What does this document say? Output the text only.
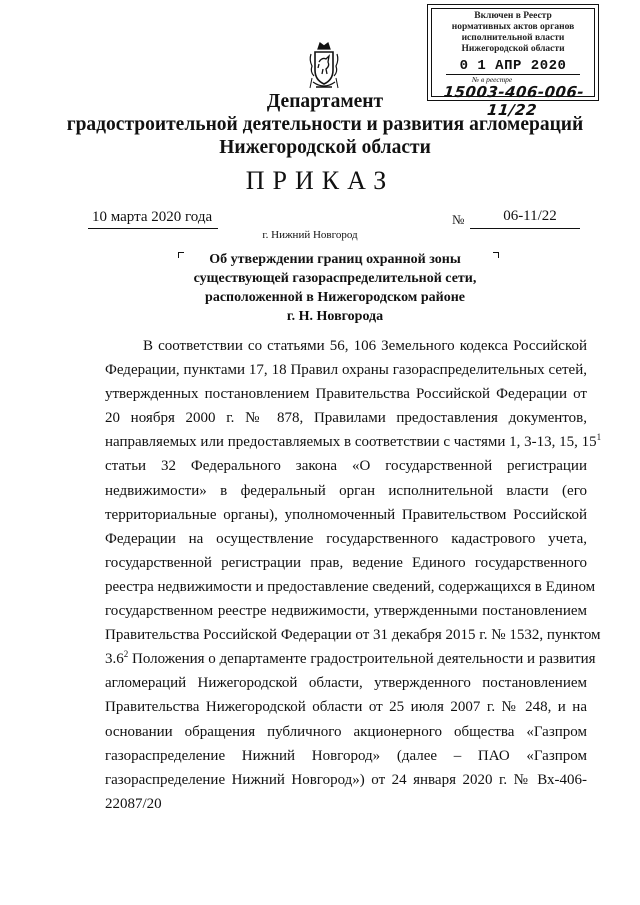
Включен в Реестр
нормативных актов органов
исполнительной власти
Нижегородской области
0 1 АПР 2020
№ в реестре
15003-406-006-11/22
Департамент
градостроительной деятельности и развития агломераций
Нижегородской области
ПРИКАЗ
10 марта 2020 года	№	06-11/22
г. Нижний Новгород
Об утверждении границ охранной зоны
существующей газораспределительной сети,
расположенной в Нижегородском районе
г. Н. Новгорода
В соответствии со статьями 56, 106 Земельного кодекса Российской
Федерации, пунктами 17, 18 Правил охраны газораспределительных сетей,
утвержденных постановлением Правительства Российской Федерации от
20 ноября 2000 г. № 878, Правилами предоставления документов,
направляемых или предоставляемых в соответствии с частями 1, 3-13, 15, $15^1$
статьи 32 Федерального закона «О государственной регистрации
недвижимости» в федеральный орган исполнительной власти (его
территориальные органы), уполномоченный Правительством Российской
Федерации на осуществление государственного кадастрового учета,
государственной регистрации прав, ведение Единого государственного
реестра недвижимости и предоставление сведений, содержащихся в Едином
государственном реестре недвижимости, утвержденными постановлением
Правительства Российской Федерации от 31 декабря 2015 г. № 1532, пунктом
$3.6^2$ Положения о департаменте градостроительной деятельности и развития
агломераций Нижегородской области, утвержденного постановлением
Правительства Нижегородской области от 25 июля 2007 г. № 248, и на
основании обращения публичного акционерного общества «Газпром
газораспределение Нижний Новгород» (далее – ПАО «Газпром
газораспределение Нижний Новгород») от 24 января 2020 г. № Вх-406-
22087/20
